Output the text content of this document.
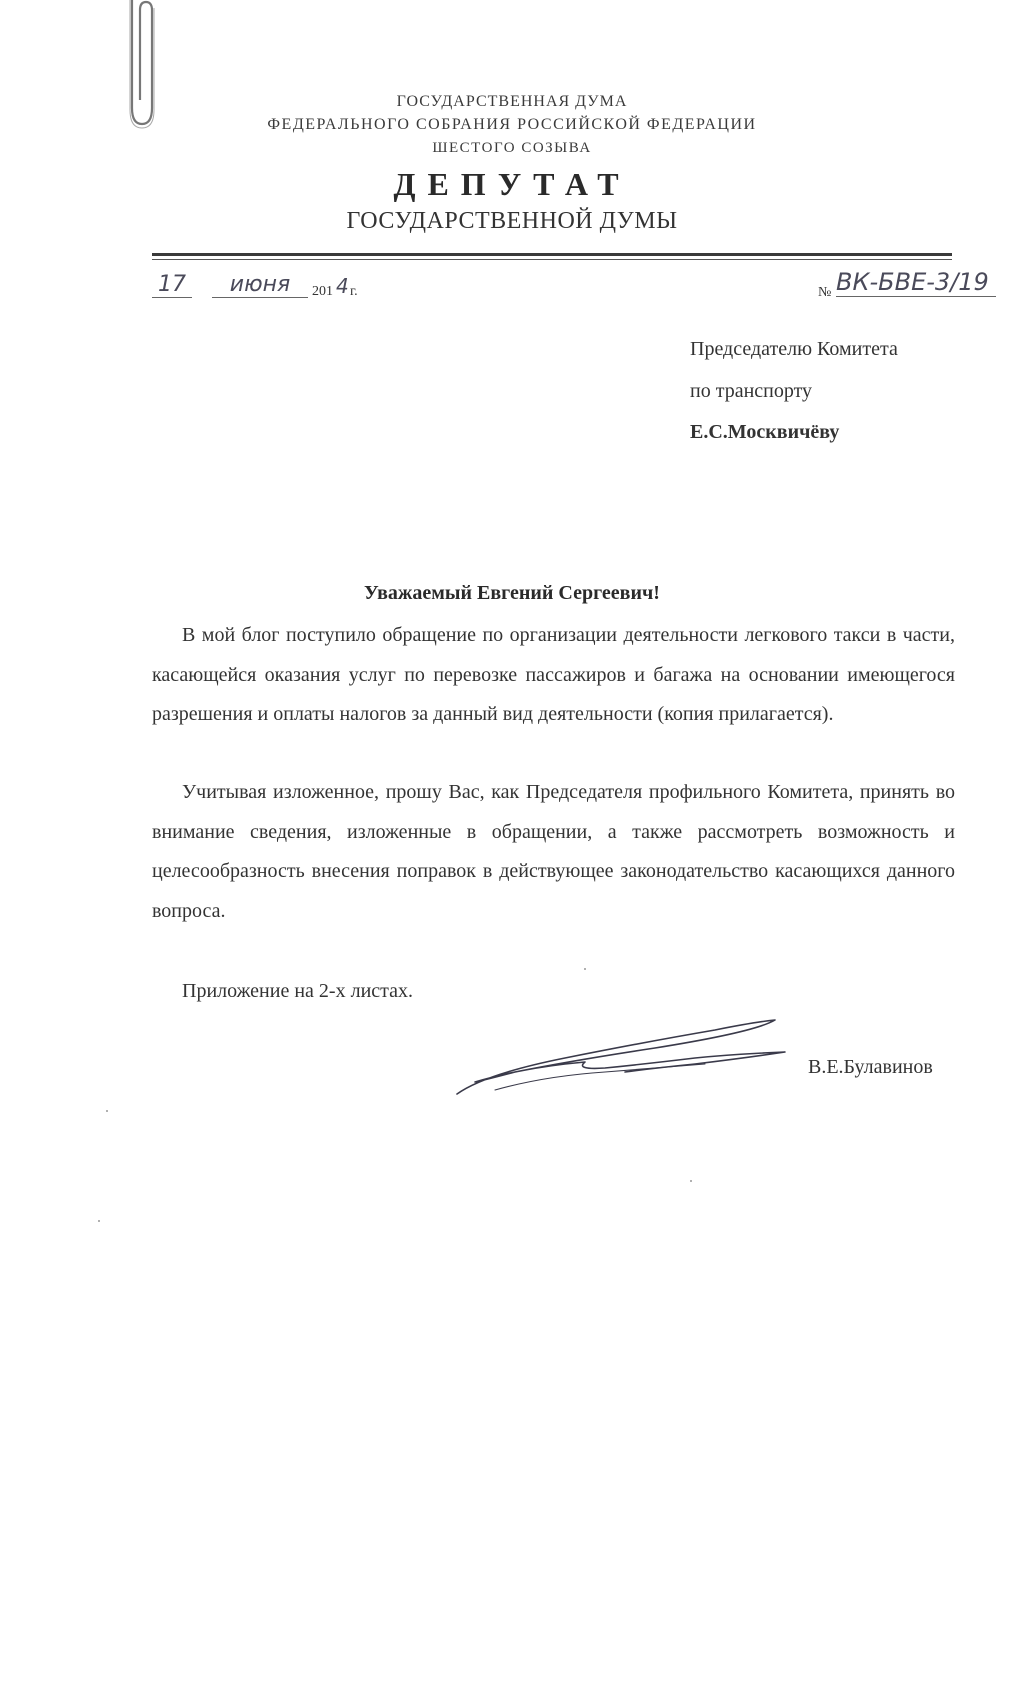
ГОСУДАРСТВЕННАЯ ДУМА
ФЕДЕРАЛЬНОГО СОБРАНИЯ РОССИЙСКОЙ ФЕДЕРАЦИИ
ШЕСТОГО СОЗЫВА
ДЕПУТАТ
ГОСУДАРСТВЕННОЙ ДУМЫ
17	июня	201 4 г.	№ ВК-БВЕ-3/19
Председателю Комитета
по транспорту
Е.С.Москвичёву
Уважаемый Евгений Сергеевич!
В мой блог поступило обращение по организации деятельности легкового такси в части, касающейся оказания услуг по перевозке пассажиров и багажа на основании имеющегося разрешения и оплаты налогов за данный вид деятельности (копия прилагается).
Учитывая изложенное, прошу Вас, как Председателя профильного Комитета, принять во внимание сведения, изложенные в обращении, а также рассмотреть возможность и целесообразность внесения поправок в действующее законодательство касающихся данного вопроса.
Приложение на 2-х листах.
В.Е.Булавинов
